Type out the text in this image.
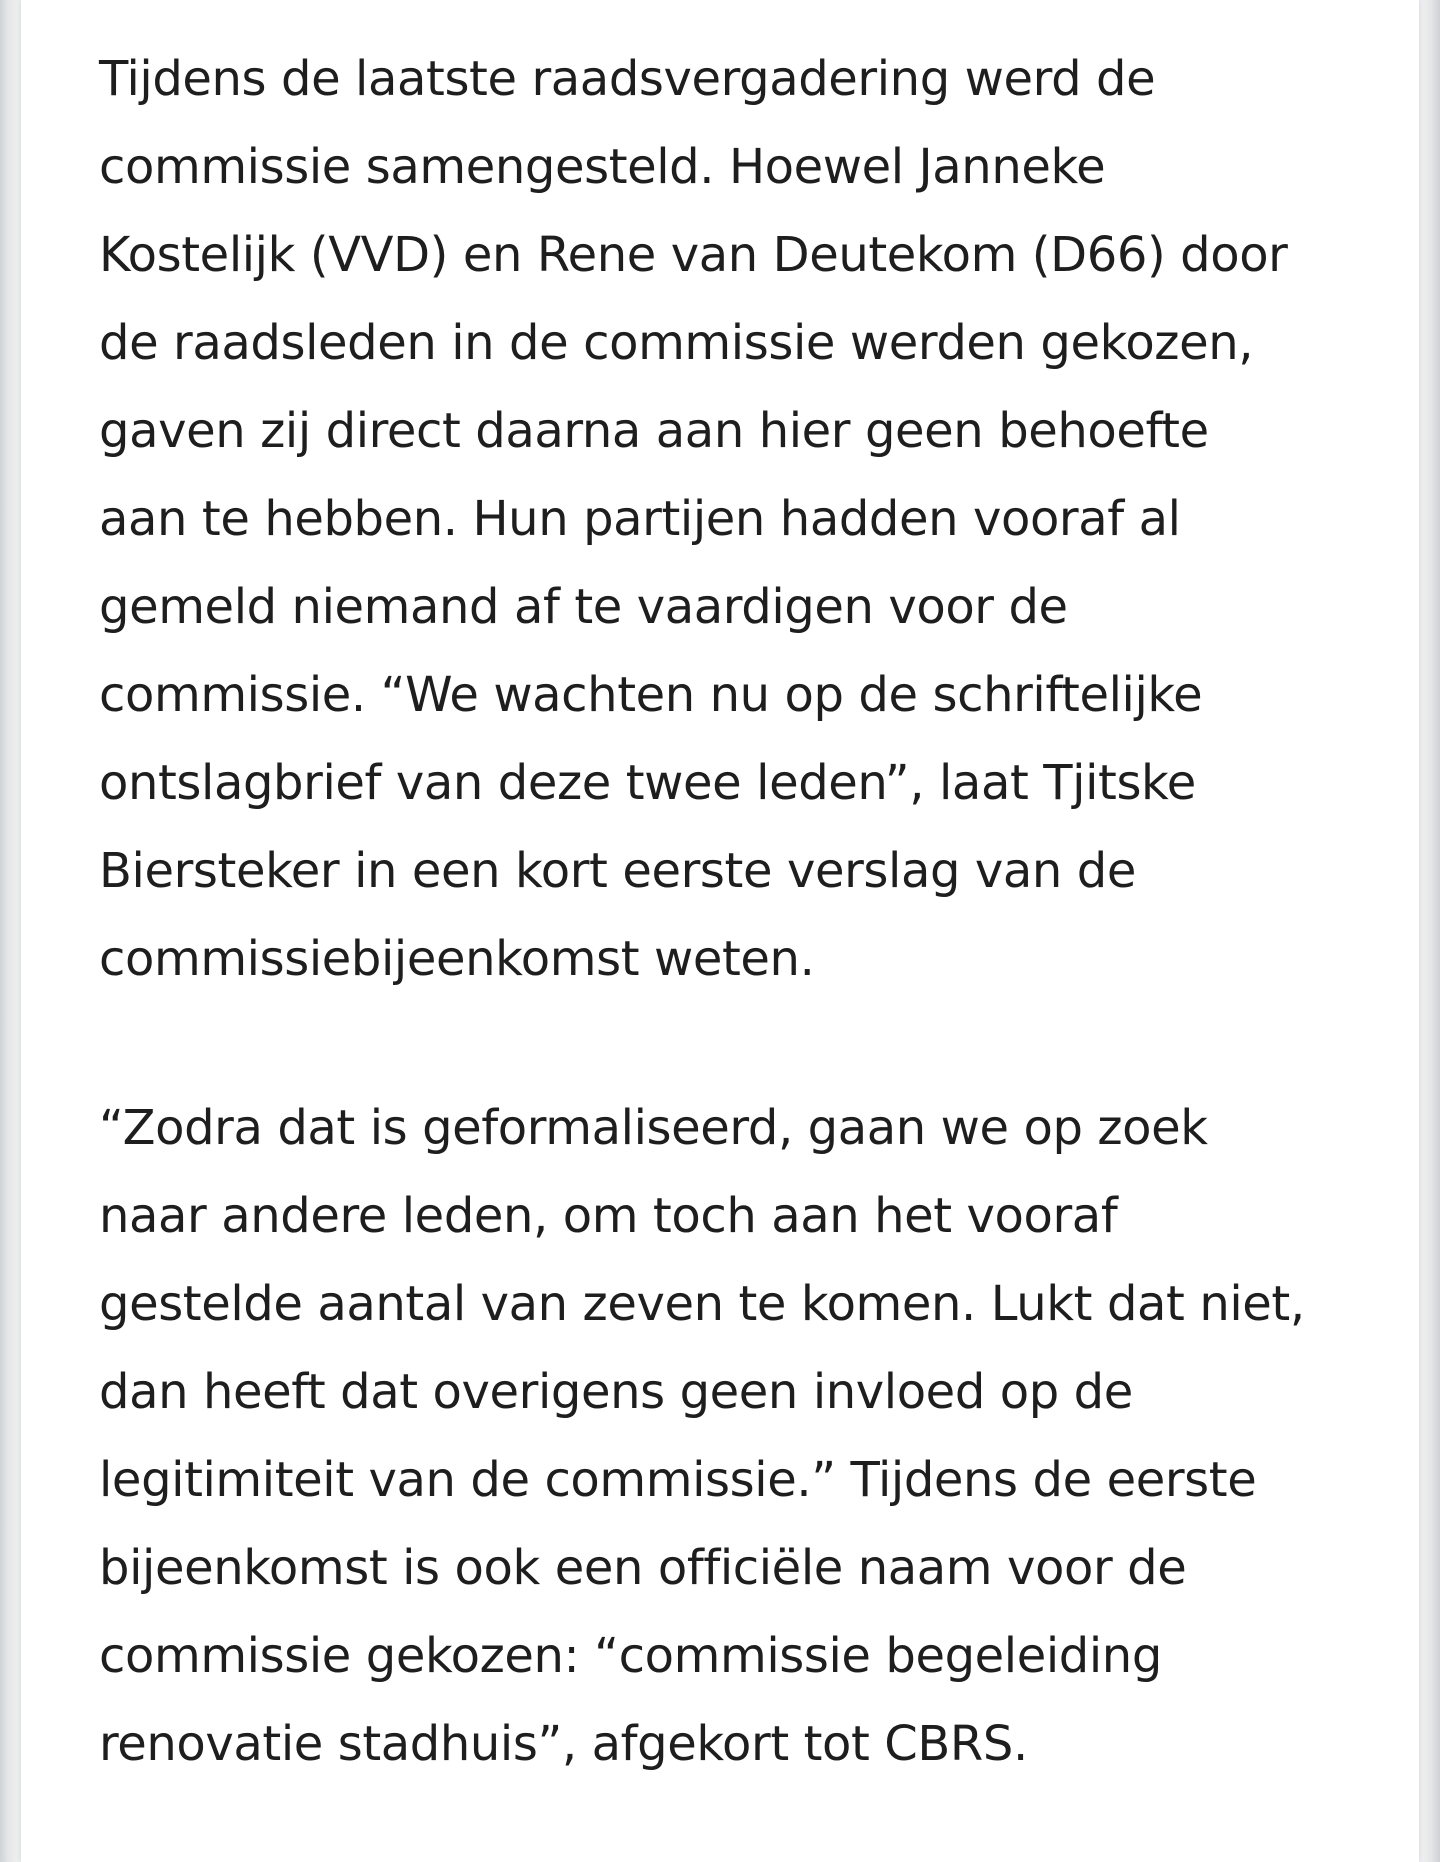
Tijdens de laatste raadsvergadering werd de
commissie samengesteld. Hoewel Janneke
Kostelijk (VVD) en Rene van Deutekom (D66) door
de raadsleden in de commissie werden gekozen,
gaven zij direct daarna aan hier geen behoefte
aan te hebben. Hun partijen hadden vooraf al
gemeld niemand af te vaardigen voor de
commissie. “We wachten nu op de schriftelijke
ontslagbrief van deze twee leden”, laat Tjitske
Biersteker in een kort eerste verslag van de
commissiebijeenkomst weten.

“Zodra dat is geformaliseerd, gaan we op zoek
naar andere leden, om toch aan het vooraf
gestelde aantal van zeven te komen. Lukt dat niet,
dan heeft dat overigens geen invloed op de
legitimiteit van de commissie.” Tijdens de eerste
bijeenkomst is ook een officiële naam voor de
commissie gekozen: “commissie begeleiding
renovatie stadhuis”, afgekort tot CBRS.
